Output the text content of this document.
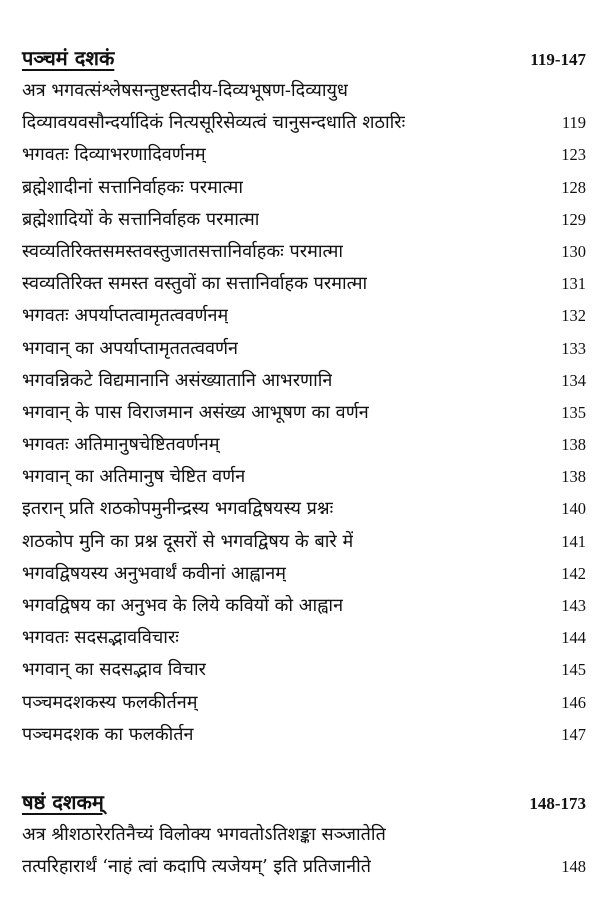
पञ्चमं दशकं	119-147
अत्र भगवत्संश्लेषसन्तुष्टस्तदीय-दिव्यभूषण-दिव्यायुध
दिव्यावयवसौन्दर्यादिकं नित्यसूरिसेव्यत्वं चानुसन्दधाति शठारिः	119
भगवतः दिव्याभरणादिवर्णनम्	123
ब्रह्मेशादीनां सत्तानिर्वाहकः परमात्मा	128
ब्रह्मेशादियों के सत्तानिर्वाहक परमात्मा	129
स्वव्यतिरिक्तसमस्तवस्तुजातसत्तानिर्वाहकः परमात्मा	130
स्वव्यतिरिक्त समस्त वस्तुवों का सत्तानिर्वाहक परमात्मा	131
भगवतः अपर्याप्तत्वामृतत्ववर्णनम्	132
भगवान् का अपर्याप्तामृततत्ववर्णन	133
भगवन्निकटे विद्यमानानि असंख्यातानि आभरणानि	134
भगवान् के पास विराजमान असंख्य आभूषण का वर्णन	135
भगवतः अतिमानुषचेष्टितवर्णनम्	138
भगवान् का अतिमानुष चेष्टित वर्णन	138
इतरान् प्रति शठकोपमुनीन्द्रस्य भगवद्विषयस्य प्रश्नः	140
शठकोप मुनि का प्रश्न दूसरों से भगवद्विषय के बारे में	141
भगवद्विषयस्य अनुभवार्थं कवीनां आह्वानम्	142
भगवद्विषय का अनुभव के लिये कवियों को आह्वान	143
भगवतः सदसद्भावविचारः	144
भगवान् का सदसद्भाव विचार	145
पञ्चमदशकस्य फलकीर्तनम्	146
पञ्चमदशक का फलकीर्तन	147
षष्ठं दशकम्	148-173
अत्र श्रीशठारेरतिनैच्यं विलोक्य भगवतोऽतिशङ्का सञ्जातेति
तत्परिहारार्थं ‘नाहं त्वां कदापि त्यजेयम्’ इति प्रतिजानीते	148
